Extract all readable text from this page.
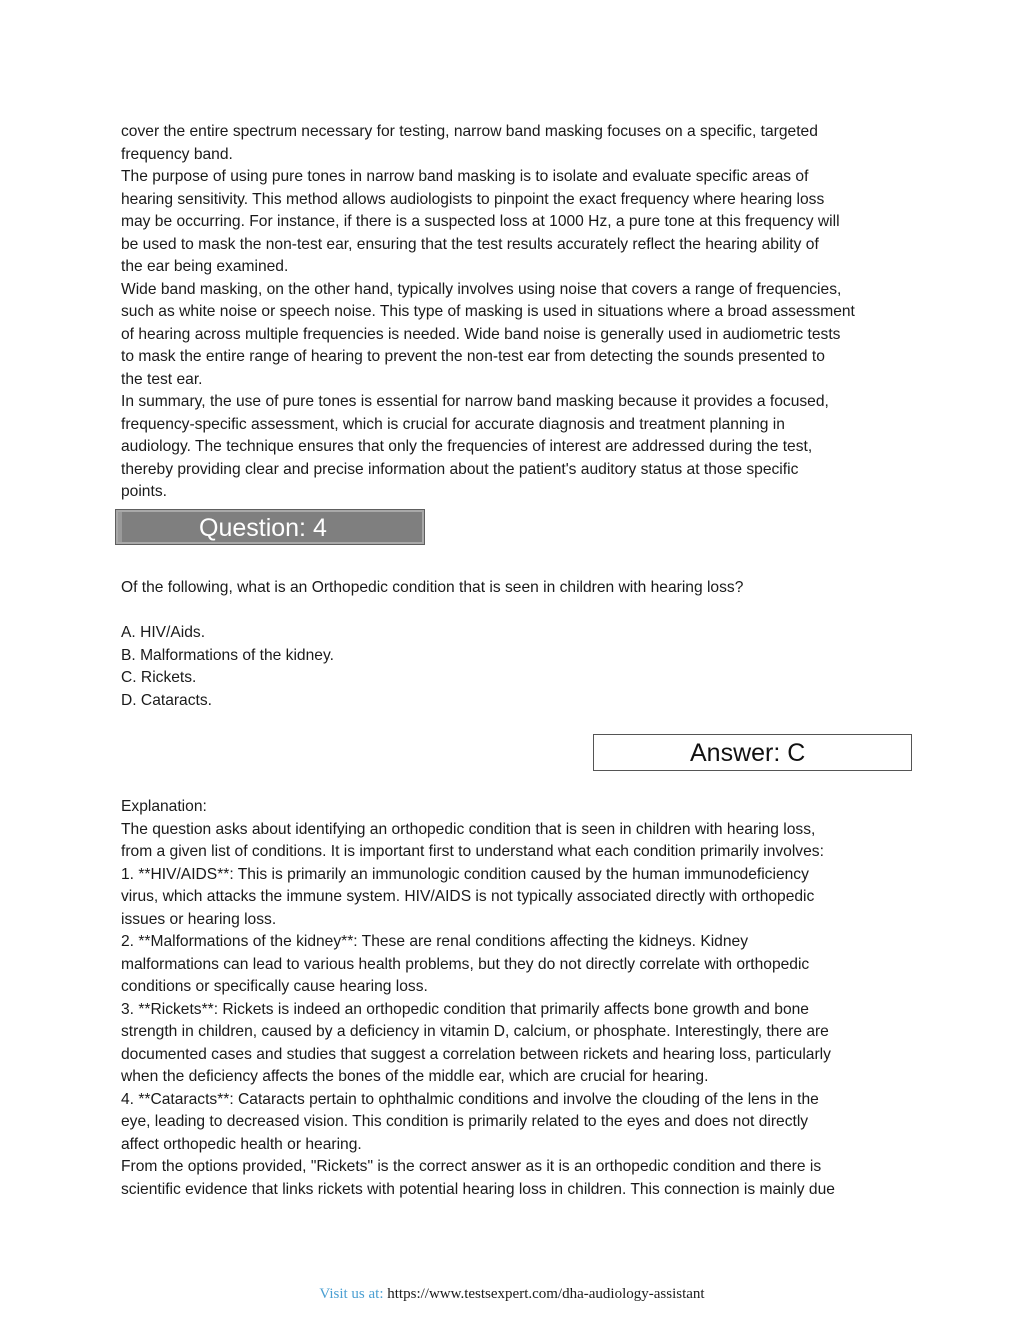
cover the entire spectrum necessary for testing, narrow band masking focuses on a specific, targeted
frequency band.

The purpose of using pure tones in narrow band masking is to isolate and evaluate specific areas of
hearing sensitivity. This method allows audiologists to pinpoint the exact frequency where hearing loss
may be occurring. For instance, if there is a suspected loss at 1000 Hz, a pure tone at this frequency will
be used to mask the non-test ear, ensuring that the test results accurately reflect the hearing ability of
the ear being examined.

Wide band masking, on the other hand, typically involves using noise that covers a range of frequencies,
such as white noise or speech noise. This type of masking is used in situations where a broad assessment
of hearing across multiple frequencies is needed. Wide band noise is generally used in audiometric tests
to mask the entire range of hearing to prevent the non-test ear from detecting the sounds presented to
the test ear.

In summary, the use of pure tones is essential for narrow band masking because it provides a focused,
frequency-specific assessment, which is crucial for accurate diagnosis and treatment planning in
audiology. The technique ensures that only the frequencies of interest are addressed during the test,
thereby providing clear and precise information about the patient's auditory status at those specific
points.

Question: 4

Of the following, what is an Orthopedic condition that is seen in children with hearing loss?

A. HIV/Aids.

B. Malformations of the kidney.

C. Rickets.

D. Cataracts.

Answer: C

Explanation:

The question asks about identifying an orthopedic condition that is seen in children with hearing loss,
from a given list of conditions. It is important first to understand what each condition primarily involves:

1. **HIV/AIDS**: This is primarily an immunologic condition caused by the human immunodeficiency
virus, which attacks the immune system. HIV/AIDS is not typically associated directly with orthopedic
issues or hearing loss.

2. **Malformations of the kidney**: These are renal conditions affecting the kidneys. Kidney
malformations can lead to various health problems, but they do not directly correlate with orthopedic
conditions or specifically cause hearing loss.

3. **Rickets**: Rickets is indeed an orthopedic condition that primarily affects bone growth and bone
strength in children, caused by a deficiency in vitamin D, calcium, or phosphate. Interestingly, there are
documented cases and studies that suggest a correlation between rickets and hearing loss, particularly
when the deficiency affects the bones of the middle ear, which are crucial for hearing.

4. **Cataracts**: Cataracts pertain to ophthalmic conditions and involve the clouding of the lens in the
eye, leading to decreased vision. This condition is primarily related to the eyes and does not directly
affect orthopedic health or hearing.

From the options provided, "Rickets" is the correct answer as it is an orthopedic condition and there is
scientific evidence that links rickets with potential hearing loss in children. This connection is mainly due

Visit us at: https://www.testsexpert.com/dha-audiology-assistant
